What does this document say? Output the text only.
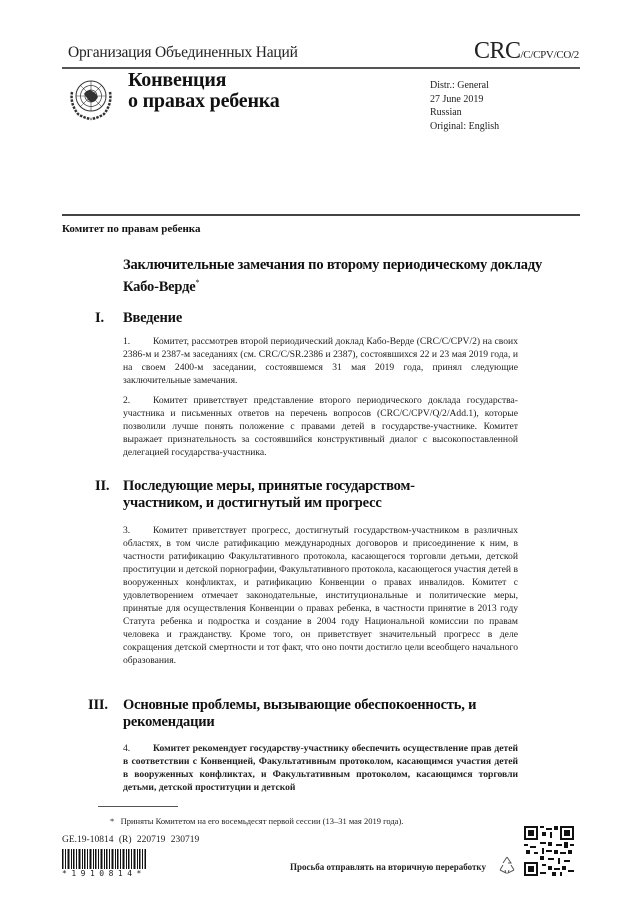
Организация Объединенных Наций	CRC/C/CPV/CO/2
Конвенция
о правах ребенка
Distr.: General
27 June 2019
Russian
Original: English
Комитет по правам ребенка
Заключительные замечания по второму периодическому докладу Кабо-Верде*
I. Введение
1. Комитет, рассмотрев второй периодический доклад Кабо-Верде (CRC/C/CPV/2) на своих 2386-м и 2387-м заседаниях (см. CRC/C/SR.2386 и 2387), состоявшихся 22 и 23 мая 2019 года, и на своем 2400-м заседании, состоявшемся 31 мая 2019 года, принял следующие заключительные замечания.
2. Комитет приветствует представление второго периодического доклада государства-участника и письменных ответов на перечень вопросов (CRC/C/CPV/Q/2/Add.1), которые позволили лучше понять положение с правами детей в государстве-участнике. Комитет выражает признательность за состоявшийся конструктивный диалог с высокопоставленной делегацией государства-участника.
II. Последующие меры, принятые государством-участником, и достигнутый им прогресс
3. Комитет приветствует прогресс, достигнутый государством-участником в различных областях, в том числе ратификацию международных договоров и присоединение к ним, в частности ратификацию Факультативного протокола, касающегося торговли детьми, детской проституции и детской порнографии, Факультативного протокола, касающегося участия детей в вооруженных конфликтах, и ратификацию Конвенции о правах инвалидов. Комитет с удовлетворением отмечает законодательные, институциональные и политические меры, принятые для осуществления Конвенции о правах ребенка, в частности принятие в 2013 году Статута ребенка и подростка и создание в 2004 году Национальной комиссии по правам человека и гражданству. Кроме того, он приветствует значительный прогресс в деле сокращения детской смертности и тот факт, что оно почти достигло цели всеобщего начального образования.
III. Основные проблемы, вызывающие обеспокоенность, и рекомендации
4. Комитет рекомендует государству-участнику обеспечить осуществление прав детей в соответствии с Конвенцией, Факультативным протоколом, касающимся участия детей в вооруженных конфликтах, и Факультативным протоколом, касающимся торговли детьми, детской проституции и детской
* Приняты Комитетом на его восемьдесят первой сессии (13–31 мая 2019 года).
GE.19-10814 (R) 220719 230719
*1910814*
Просьба отправлять на вторичную переработку
